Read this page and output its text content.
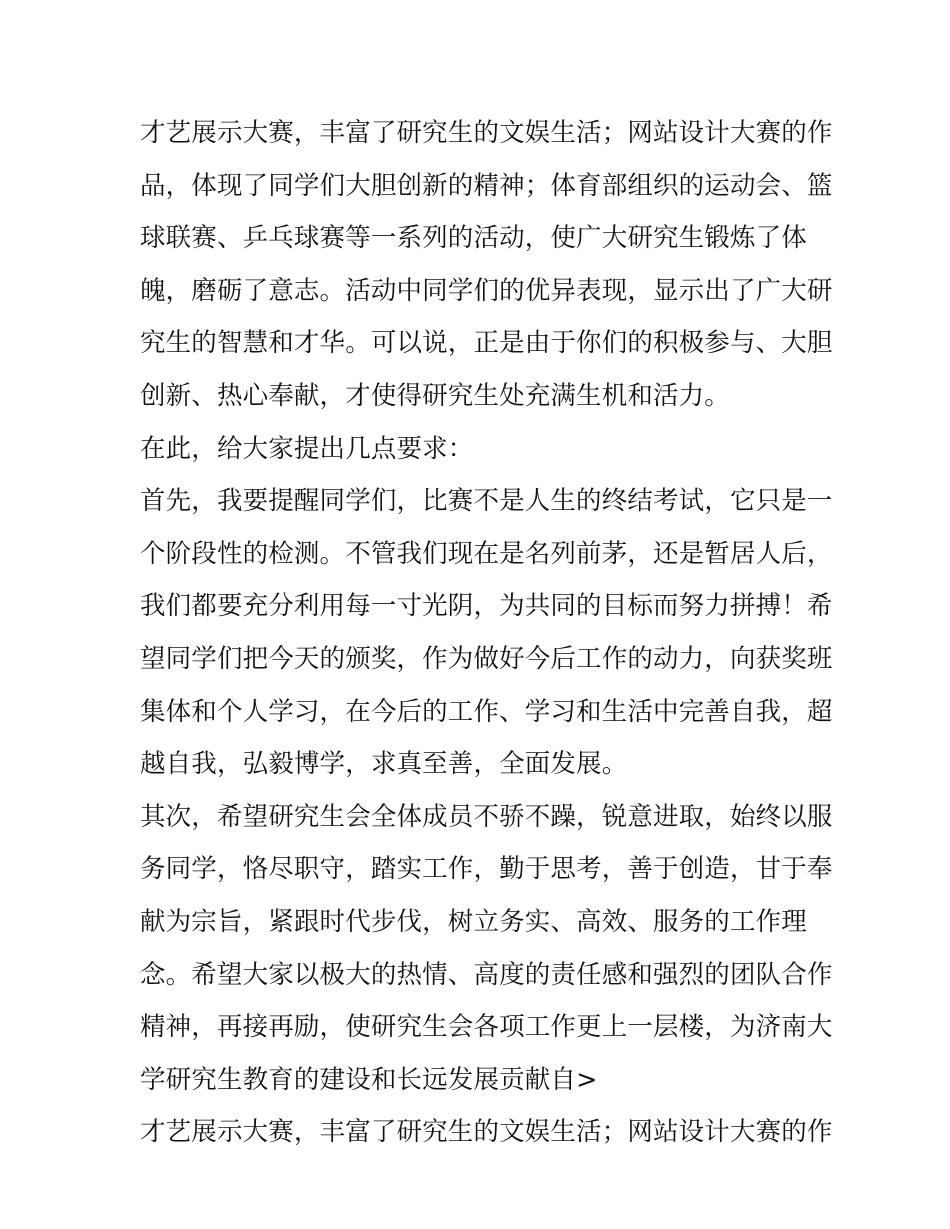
才艺展示大赛，丰富了研究生的文娱生活；网站设计大赛的作
品，体现了同学们大胆创新的精神；体育部组织的运动会、篮
球联赛、乒乓球赛等一系列的活动，使广大研究生锻炼了体
魄，磨砺了意志。活动中同学们的优异表现，显示出了广大研
究生的智慧和才华。可以说，正是由于你们的积极参与、大胆
创新、热心奉献，才使得研究生处充满生机和活力。
在此，给大家提出几点要求：
首先，我要提醒同学们，比赛不是人生的终结考试，它只是一
个阶段性的检测。不管我们现在是名列前茅，还是暂居人后，
我们都要充分利用每一寸光阴，为共同的目标而努力拼搏！希
望同学们把今天的颁奖，作为做好今后工作的动力，向获奖班
集体和个人学习，在今后的工作、学习和生活中完善自我，超
越自我，弘毅博学，求真至善，全面发展。
其次，希望研究生会全体成员不骄不躁，锐意进取，始终以服
务同学，恪尽职守，踏实工作，勤于思考，善于创造，甘于奉
献为宗旨，紧跟时代步伐，树立务实、高效、服务的工作理
念。希望大家以极大的热情、高度的责任感和强烈的团队合作
精神，再接再励，使研究生会各项工作更上一层楼，为济南大
学研究生教育的建设和长远发展贡献自>
才艺展示大赛，丰富了研究生的文娱生活；网站设计大赛的作
